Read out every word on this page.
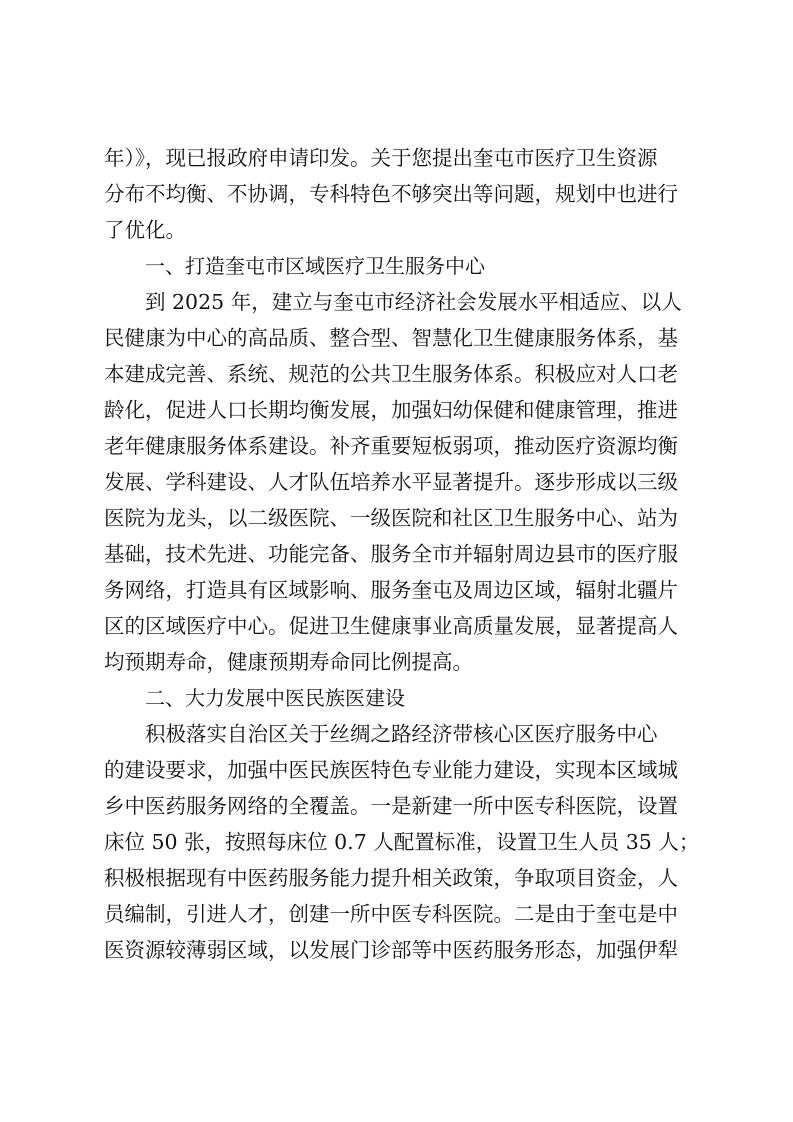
年）》，现已报政府申请印发。关于您提出奎屯市医疗卫生资源
分布不均衡、不协调，专科特色不够突出等问题，规划中也进行
了优化。
一、打造奎屯市区域医疗卫生服务中心
到 2025 年，建立与奎屯市经济社会发展水平相适应、以人
民健康为中心的高品质、整合型、智慧化卫生健康服务体系，基
本建成完善、系统、规范的公共卫生服务体系。积极应对人口老
龄化，促进人口长期均衡发展，加强妇幼保健和健康管理，推进
老年健康服务体系建设。补齐重要短板弱项，推动医疗资源均衡
发展、学科建设、人才队伍培养水平显著提升。逐步形成以三级
医院为龙头，以二级医院、一级医院和社区卫生服务中心、站为
基础，技术先进、功能完备、服务全市并辐射周边县市的医疗服
务网络，打造具有区域影响、服务奎屯及周边区域，辐射北疆片
区的区域医疗中心。促进卫生健康事业高质量发展，显著提高人
均预期寿命，健康预期寿命同比例提高。
二、大力发展中医民族医建设
积极落实自治区关于丝绸之路经济带核心区医疗服务中心
的建设要求，加强中医民族医特色专业能力建设，实现本区域城
乡中医药服务网络的全覆盖。一是新建一所中医专科医院，设置
床位 50 张，按照每床位 0.7 人配置标准，设置卫生人员 35 人；
积极根据现有中医药服务能力提升相关政策，争取项目资金，人
员编制，引进人才，创建一所中医专科医院。二是由于奎屯是中
医资源较薄弱区域，以发展门诊部等中医药服务形态，加强伊犁
